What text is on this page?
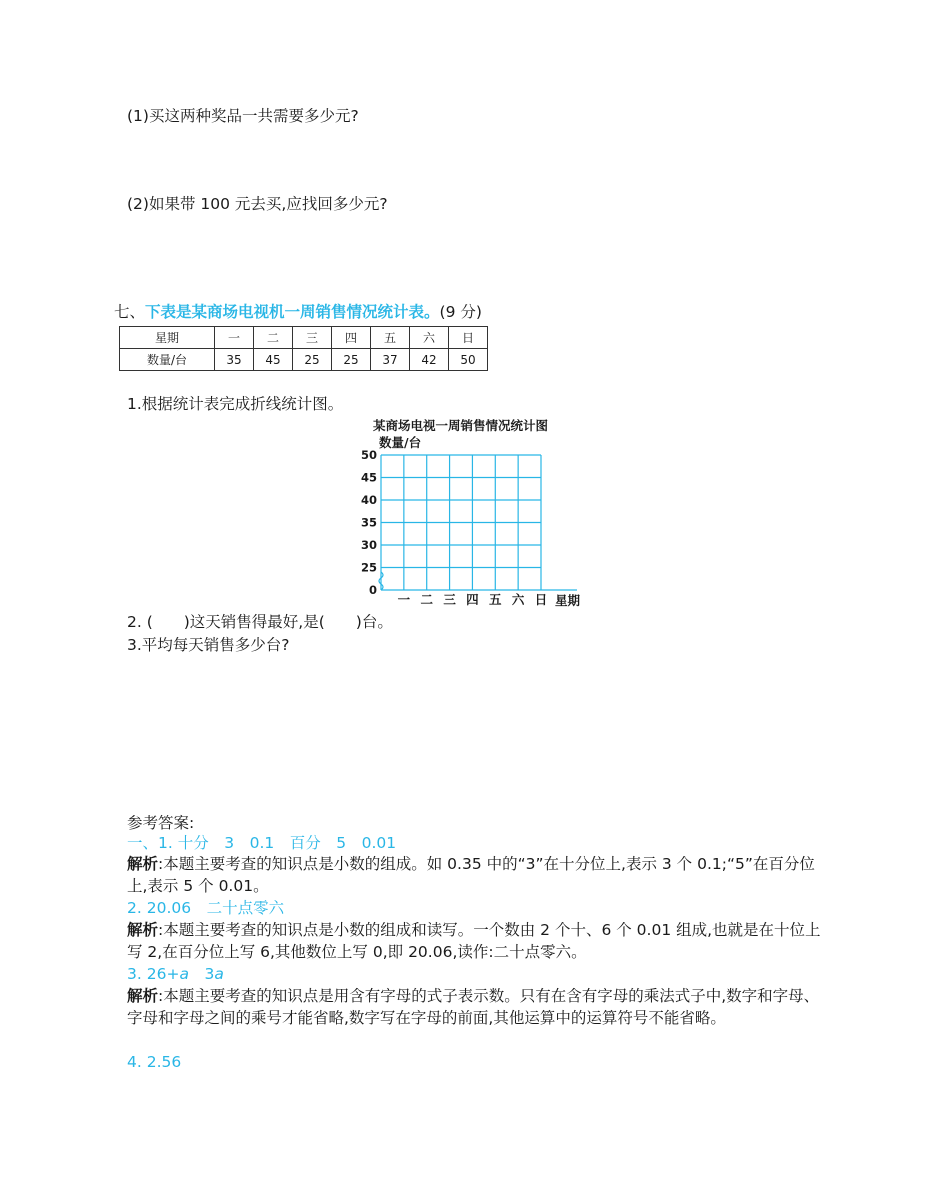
(1)买这两种奖品一共需要多少元?
(2)如果带 100 元去买,应找回多少元?
七、下表是某商场电视机一周销售情况统计表。(9 分)
星期	一	二	三	四	五	六	日
数量/台	35	45	25	25	37	42	50
1.根据统计表完成折线统计图。
某商场电视一周销售情况统计图
数量/台
50
45
40
35
30
25
0
一 二 三 四 五 六 日 星期
2. (　　)这天销售得最好,是(　　)台。
3.平均每天销售多少台?
参考答案:
一、1. 十分　3　0.1　百分　5　0.01
解析:本题主要考查的知识点是小数的组成。如 0.35 中的“3”在十分位上,表示 3 个 0.1;“5”在百分位上,表示 5 个 0.01。
2. 20.06　二十点零六
解析:本题主要考查的知识点是小数的组成和读写。一个数由 2 个十、6 个 0.01 组成,也就是在十位上写 2,在百分位上写 6,其他数位上写 0,即 20.06,读作:二十点零六。
3. 26+a　3a
解析:本题主要考查的知识点是用含有字母的式子表示数。只有在含有字母的乘法式子中,数字和字母、字母和字母之间的乘号才能省略,数字写在字母的前面,其他运算中的运算符号不能省略。
4. 2.56
